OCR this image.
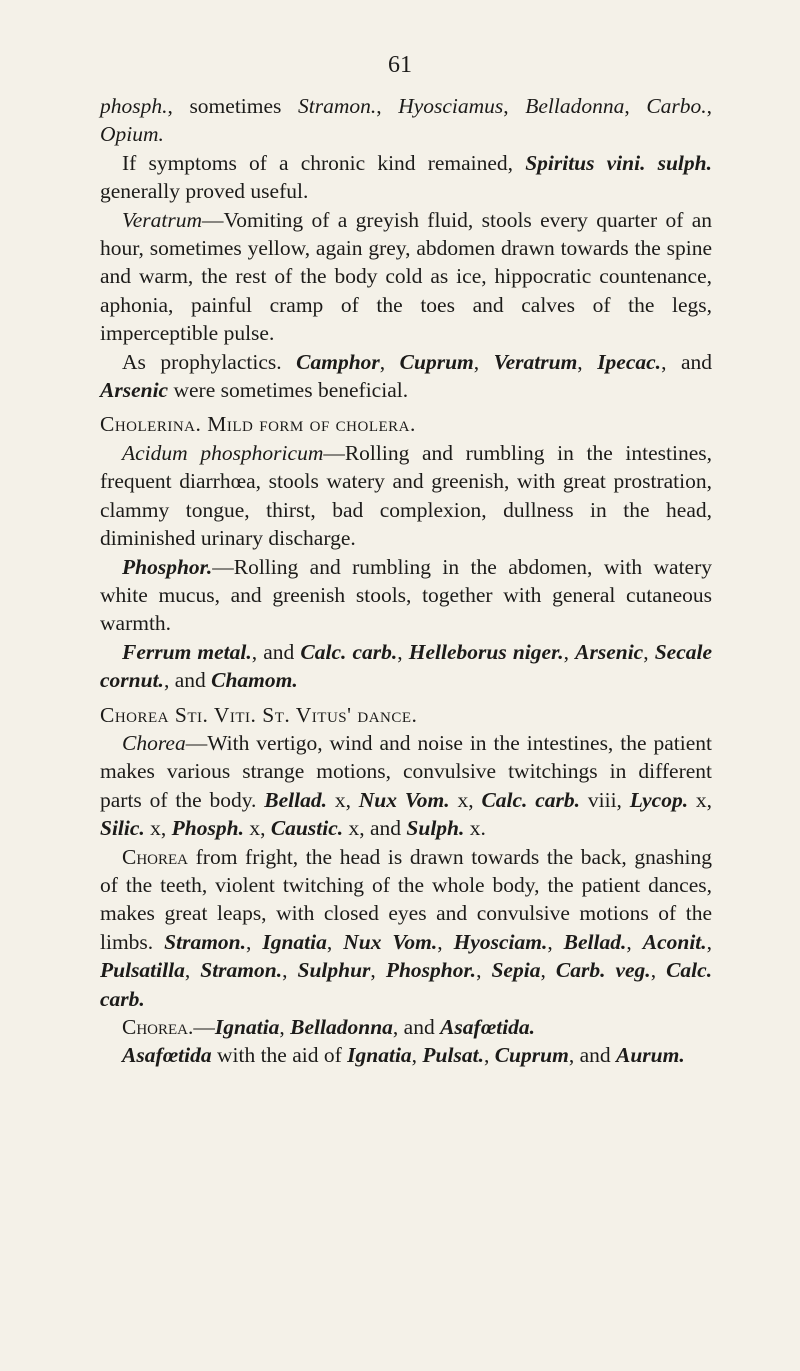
61

phosph., sometimes Stramon., Hyosciamus, Belladonna, Carbo., Opium.

If symptoms of a chronic kind remained, Spiritus vini. sulph. generally proved useful.

Veratrum—Vomiting of a greyish fluid, stools every quarter of an hour, sometimes yellow, again grey, abdomen drawn towards the spine and warm, the rest of the body cold as ice, hippocratic countenance, aphonia, painful cramp of the toes and calves of the legs, imperceptible pulse.

As prophylactics. Camphor, Cuprum, Veratrum, Ipecac., and Arsenic were sometimes beneficial.

Cholerina. Mild form of cholera.

Acidum phosphoricum—Rolling and rumbling in the intestines, frequent diarrhœa, stools watery and greenish, with great prostration, clammy tongue, thirst, bad complexion, dullness in the head, diminished urinary discharge.

Phosphor.—Rolling and rumbling in the abdomen, with watery white mucus, and greenish stools, together with general cutaneous warmth.

Ferrum metal., and Calc. carb., Helleborus niger., Arsenic, Secale cornut., and Chamom.

Chorea Sti. Viti. St. Vitus' dance.

Chorea—With vertigo, wind and noise in the intestines, the patient makes various strange motions, convulsive twitchings in different parts of the body. Bellad. x, Nux Vom. x, Calc. carb. viii, Lycop. x, Silic. x, Phosph. x, Caustic. x, and Sulph. x.

Chorea from fright, the head is drawn towards the back, gnashing of the teeth, violent twitching of the whole body, the patient dances, makes great leaps, with closed eyes and convulsive motions of the limbs. Stramon., Ignatia, Nux Vom., Hyosciam., Bellad., Aconit., Pulsatilla, Stramon., Sulphur, Phosphor., Sepia, Carb. veg., Calc. carb.

Chorea.—Ignatia, Belladonna, and Asafœtida.

Asafœtida with the aid of Ignatia, Pulsat., Cuprum, and Aurum.
